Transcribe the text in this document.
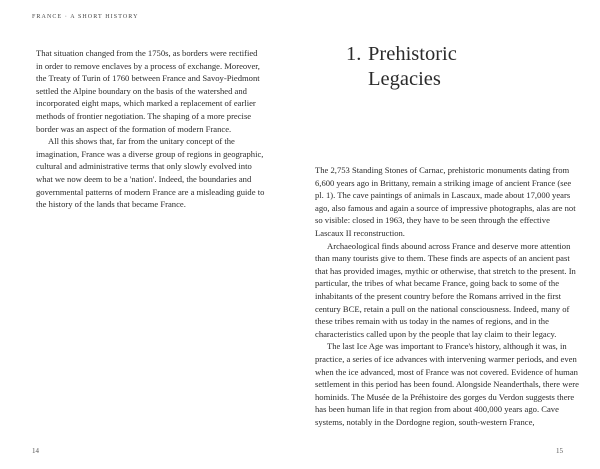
FRANCE · A SHORT HISTORY

That situation changed from the 1750s, as borders were rectified in order to remove enclaves by a process of exchange. Moreover, the Treaty of Turin of 1760 between France and Savoy-Piedmont settled the Alpine boundary on the basis of the watershed and incorporated eight maps, which marked a replacement of earlier methods of frontier negotiation. The shaping of a more precise border was an aspect of the formation of modern France.

All this shows that, far from the unitary concept of the imagination, France was a diverse group of regions in geographic, cultural and administrative terms that only slowly evolved into what we now deem to be a 'nation'. Indeed, the boundaries and governmental patterns of modern France are a misleading guide to the history of the lands that became France.

14
1. Prehistoric
Legacies

The 2,753 Standing Stones of Carnac, prehistoric monuments dating from 6,600 years ago in Brittany, remain a striking image of ancient France (see pl. 1). The cave paintings of animals in Lascaux, made about 17,000 years ago, also famous and again a source of impressive photographs, alas are not so visible: closed in 1963, they have to be seen through the effective Lascaux II reconstruction.

Archaeological finds abound across France and deserve more attention than many tourists give to them. These finds are aspects of an ancient past that has provided images, mythic or otherwise, that stretch to the present. In particular, the tribes of what became France, going back to some of the inhabitants of the present country before the Romans arrived in the first century BCE, retain a pull on the national consciousness. Indeed, many of these tribes remain with us today in the names of regions, and in the characteristics called upon by the people that lay claim to their legacy.

The last Ice Age was important to France's history, although it was, in practice, a series of ice advances with intervening warmer periods, and even when the ice advanced, most of France was not covered. Evidence of human settlement in this period has been found. Alongside Neanderthals, there were hominids. The Musée de la Préhistoire des gorges du Verdon suggests there has been human life in that region from about 400,000 years ago. Cave systems, notably in the Dordogne region, south-western France,

15
